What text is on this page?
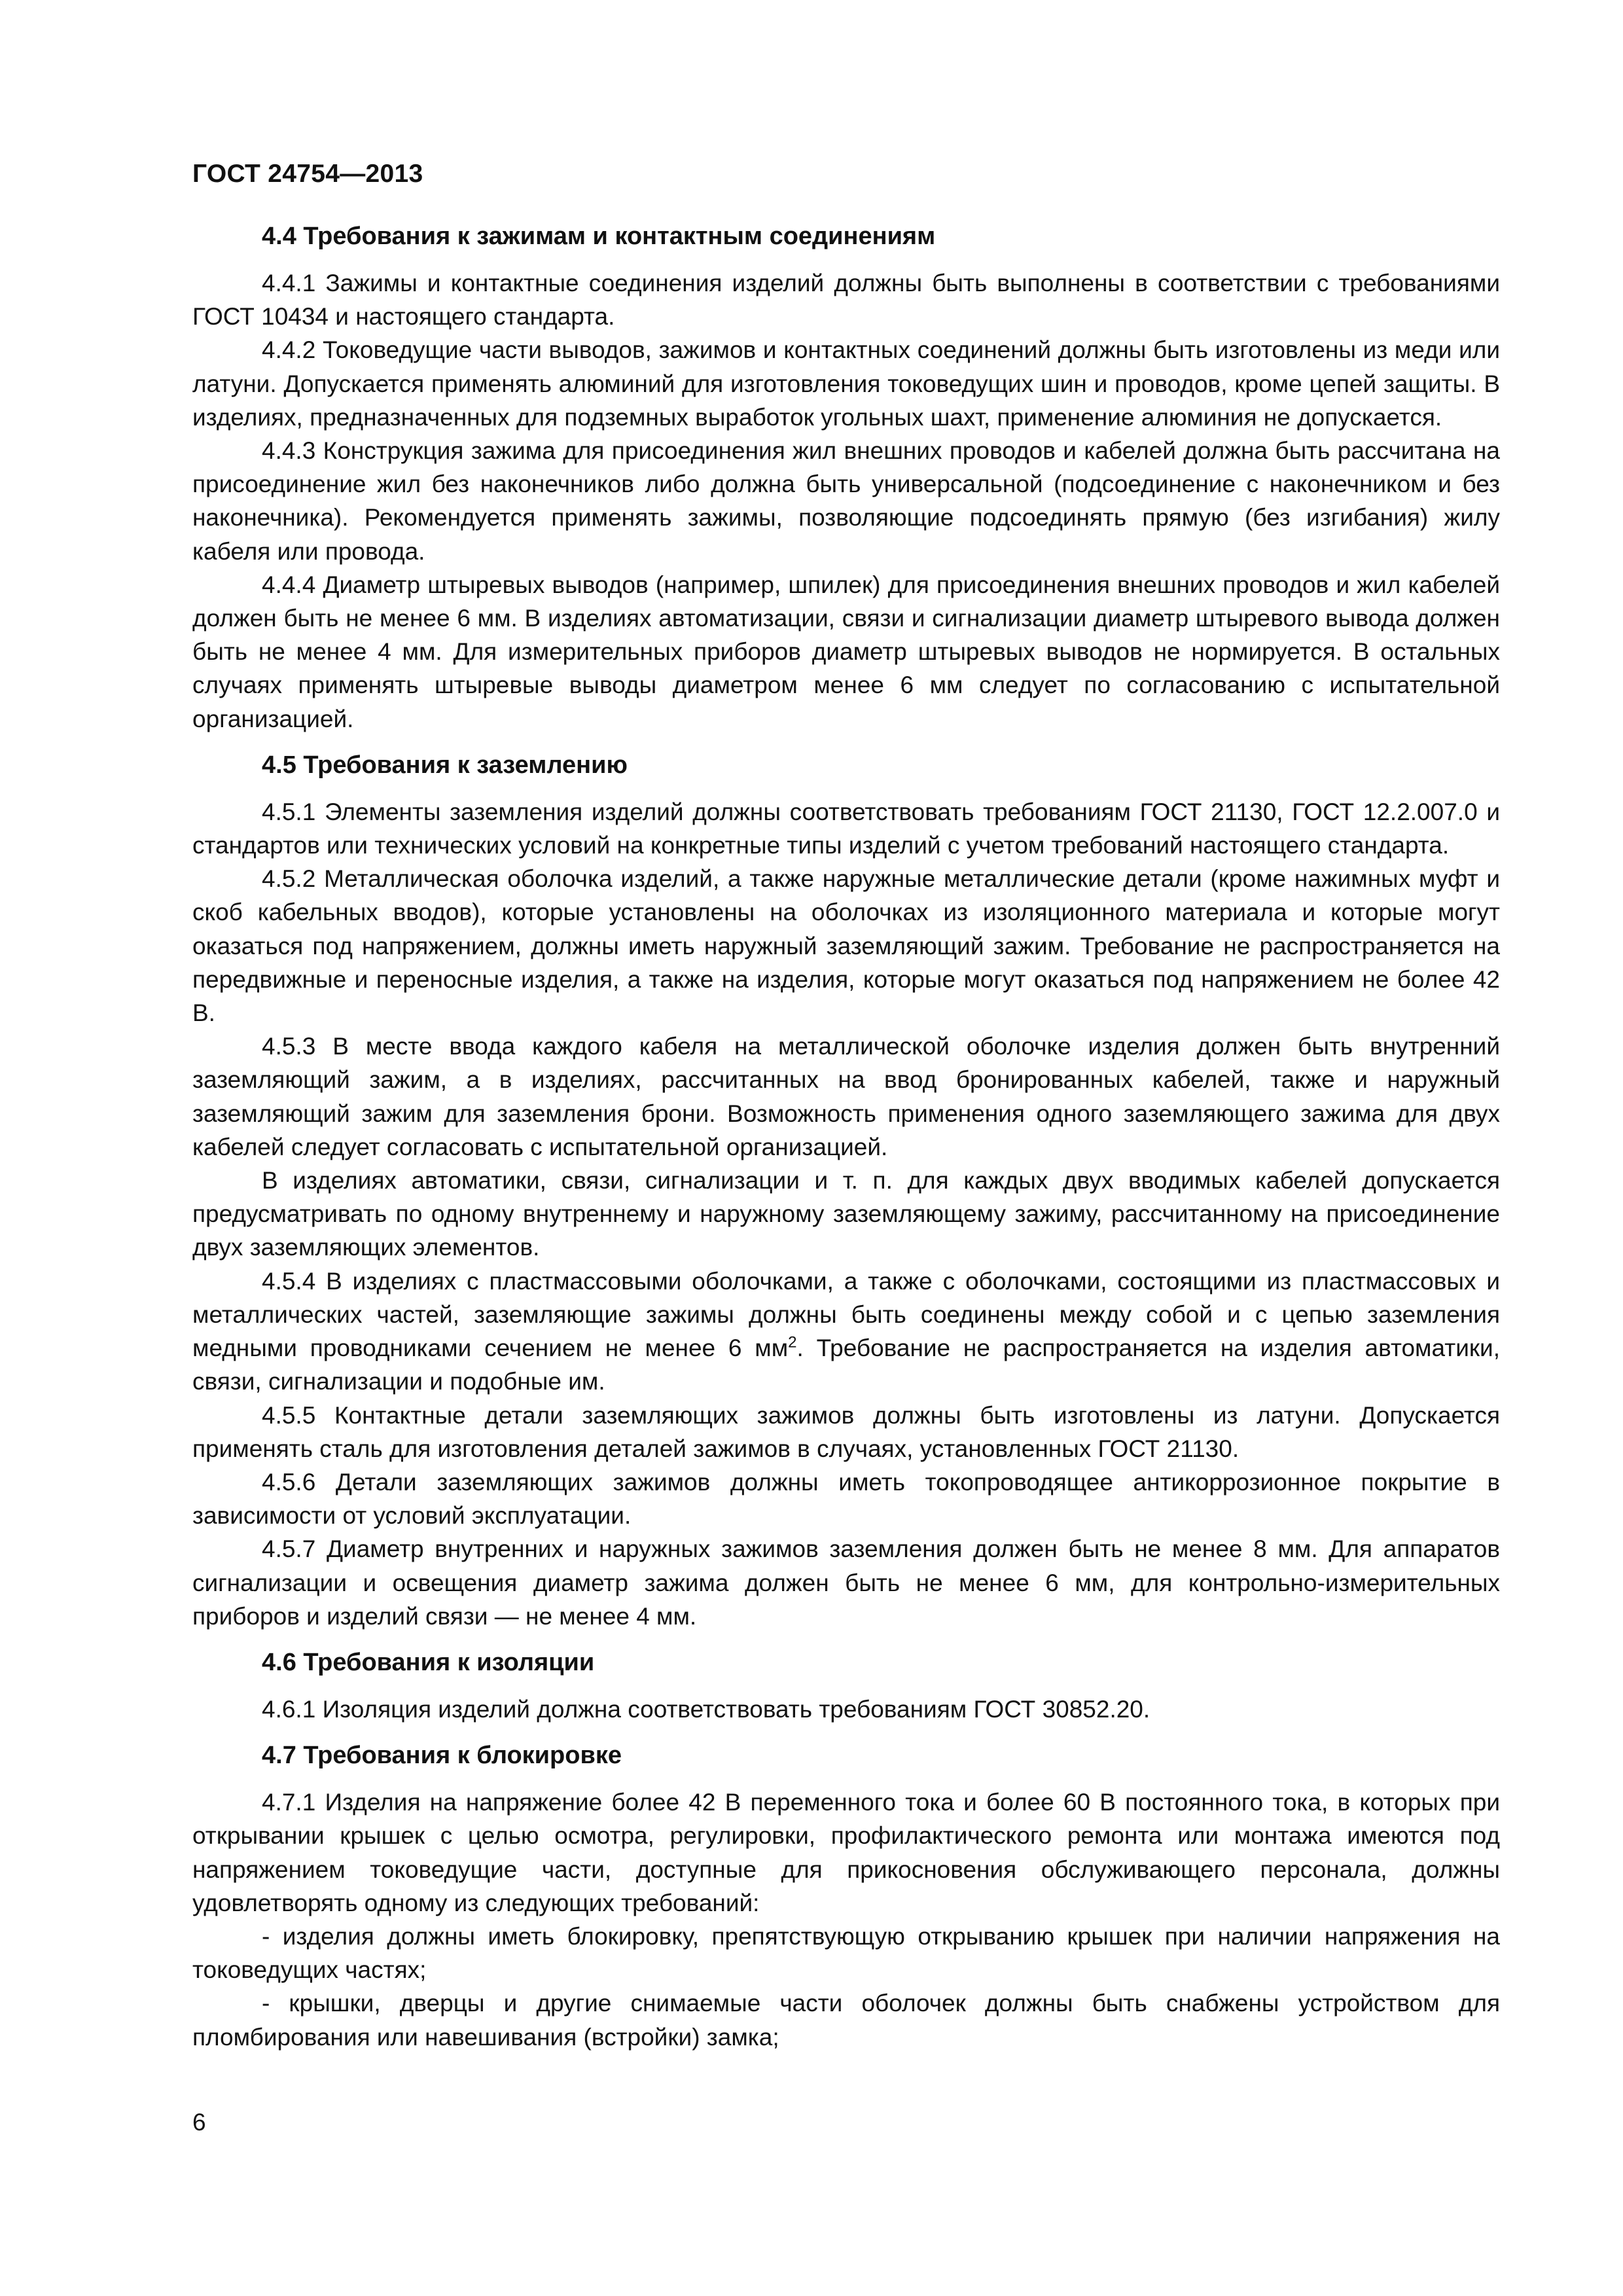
ГОСТ 24754—2013
4.4 Требования к зажимам и контактным соединениям

4.4.1 Зажимы и контактные соединения изделий должны быть выполнены в соответствии с требованиями ГОСТ 10434 и настоящего стандарта.

4.4.2 Токоведущие части выводов, зажимов и контактных соединений должны быть изготовлены из меди или латуни. Допускается применять алюминий для изготовления токоведущих шин и проводов, кроме цепей защиты. В изделиях, предназначенных для подземных выработок угольных шахт, применение алюминия не допускается.

4.4.3 Конструкция зажима для присоединения жил внешних проводов и кабелей должна быть рассчитана на присоединение жил без наконечников либо должна быть универсальной (подсоединение с наконечником и без наконечника). Рекомендуется применять зажимы, позволяющие подсоединять прямую (без изгибания) жилу кабеля или провода.

4.4.4 Диаметр штыревых выводов (например, шпилек) для присоединения внешних проводов и жил кабелей должен быть не менее 6 мм. В изделиях автоматизации, связи и сигнализации диаметр штыревого вывода должен быть не менее 4 мм. Для измерительных приборов диаметр штыревых выводов не нормируется. В остальных случаях применять штыревые выводы диаметром менее 6 мм следует по согласованию с испытательной организацией.

4.5 Требования к заземлению

4.5.1 Элементы заземления изделий должны соответствовать требованиям ГОСТ 21130, ГОСТ 12.2.007.0 и стандартов или технических условий на конкретные типы изделий с учетом требований настоящего стандарта.

4.5.2 Металлическая оболочка изделий, а также наружные металлические детали (кроме нажимных муфт и скоб кабельных вводов), которые установлены на оболочках из изоляционного материала и которые могут оказаться под напряжением, должны иметь наружный заземляющий зажим. Требование не распространяется на передвижные и переносные изделия, а также на изделия, которые могут оказаться под напряжением не более 42 В.

4.5.3 В месте ввода каждого кабеля на металлической оболочке изделия должен быть внутренний заземляющий зажим, а в изделиях, рассчитанных на ввод бронированных кабелей, также и наружный заземляющий зажим для заземления брони. Возможность применения одного заземляющего зажима для двух кабелей следует согласовать с испытательной организацией.

В изделиях автоматики, связи, сигнализации и т. п. для каждых двух вводимых кабелей допускается предусматривать по одному внутреннему и наружному заземляющему зажиму, рассчитанному на присоединение двух заземляющих элементов.

4.5.4 В изделиях с пластмассовыми оболочками, а также с оболочками, состоящими из пластмассовых и металлических частей, заземляющие зажимы должны быть соединены между собой и с цепью заземления медными проводниками сечением не менее 6 $мм^2$. Требование не распространяется на изделия автоматики, связи, сигнализации и подобные им.

4.5.5 Контактные детали заземляющих зажимов должны быть изготовлены из латуни. Допускается применять сталь для изготовления деталей зажимов в случаях, установленных ГОСТ 21130.

4.5.6 Детали заземляющих зажимов должны иметь токопроводящее антикоррозионное покрытие в зависимости от условий эксплуатации.

4.5.7 Диаметр внутренних и наружных зажимов заземления должен быть не менее 8 мм. Для аппаратов сигнализации и освещения диаметр зажима должен быть не менее 6 мм, для контрольно-измерительных приборов и изделий связи — не менее 4 мм.

4.6 Требования к изоляции

4.6.1 Изоляция изделий должна соответствовать требованиям ГОСТ 30852.20.

4.7 Требования к блокировке

4.7.1 Изделия на напряжение более 42 В переменного тока и более 60 В постоянного тока, в которых при открывании крышек с целью осмотра, регулировки, профилактического ремонта или монтажа имеются под напряжением токоведущие части, доступные для прикосновения обслуживающего персонала, должны удовлетворять одному из следующих требований:

- изделия должны иметь блокировку, препятствующую открыванию крышек при наличии напряжения на токоведущих частях;

- крышки, дверцы и другие снимаемые части оболочек должны быть снабжены устройством для пломбирования или навешивания (встройки) замка;

6
